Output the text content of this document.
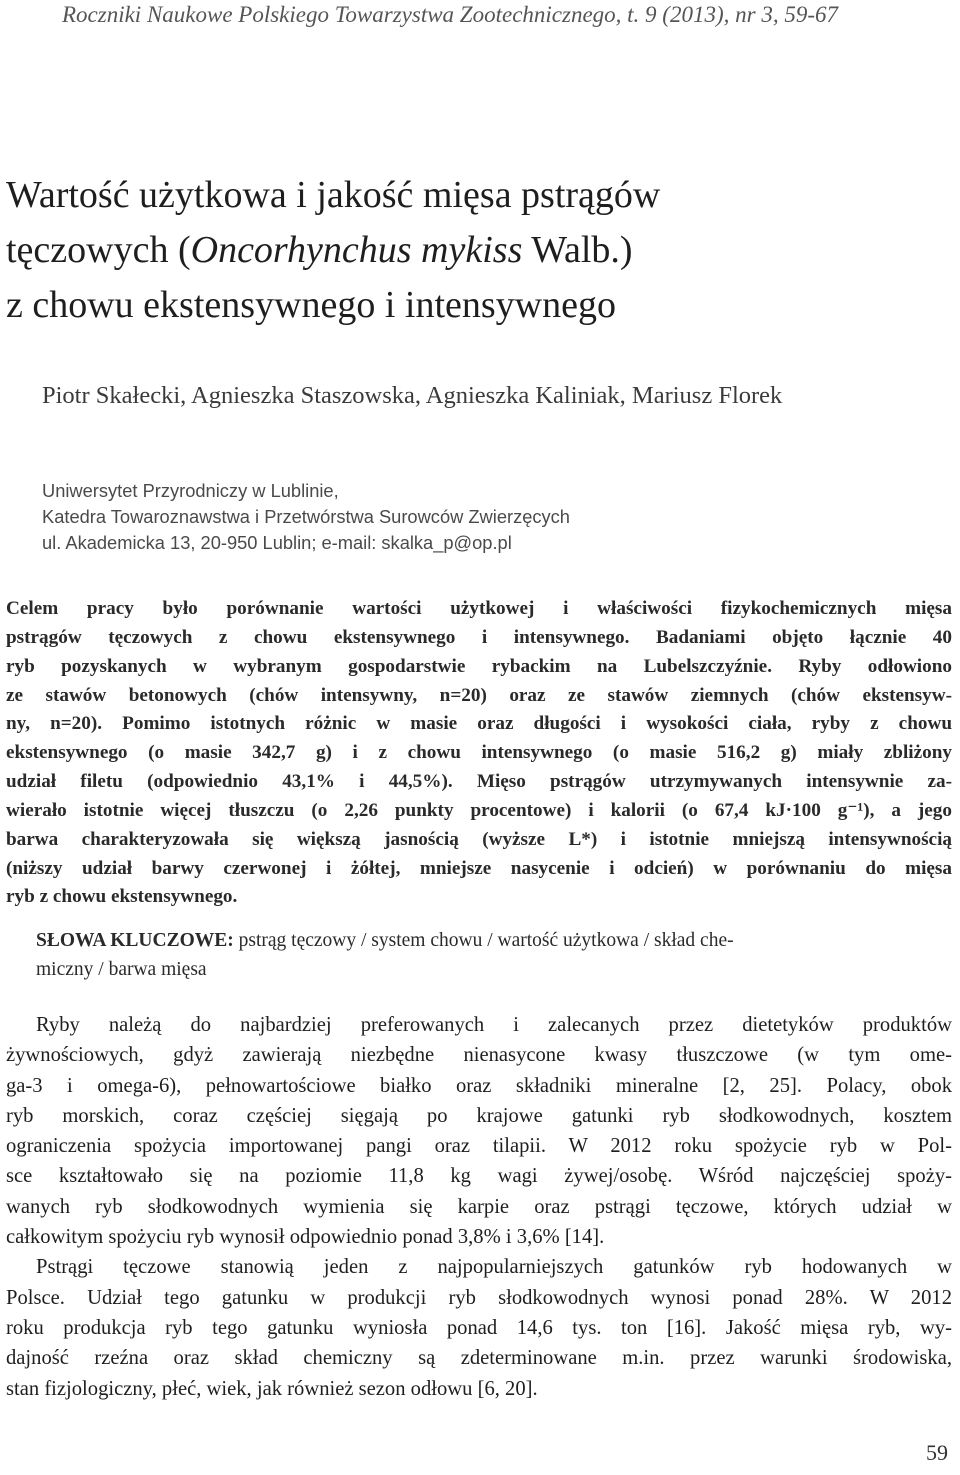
Roczniki Naukowe Polskiego Towarzystwa Zootechnicznego, t. 9 (2013), nr 3, 59-67
Wartość użytkowa i jakość mięsa pstrągów
tęczowych (Oncorhynchus mykiss Walb.)
z chowu ekstensywnego i intensywnego
Piotr Skałecki, Agnieszka Staszowska, Agnieszka Kaliniak, Mariusz Florek
Uniwersytet Przyrodniczy w Lublinie,
Katedra Towaroznawstwa i Przetwórstwa Surowców Zwierzęcych
ul. Akademicka 13, 20-950 Lublin; e-mail: skalka_p@op.pl
Celem pracy było porównanie wartości użytkowej i właściwości fizykochemicznych mięsa
pstrągów tęczowych z chowu ekstensywnego i intensywnego. Badaniami objęto łącznie 40
ryb pozyskanych w wybranym gospodarstwie rybackim na Lubelszczyźnie. Ryby odłowiono
ze stawów betonowych (chów intensywny, n=20) oraz ze stawów ziemnych (chów ekstensyw-
ny, n=20). Pomimo istotnych różnic w masie oraz długości i wysokości ciała, ryby z chowu
ekstensywnego (o masie 342,7 g) i z chowu intensywnego (o masie 516,2 g) miały zbliżony
udział filetu (odpowiednio 43,1% i 44,5%). Mięso pstrągów utrzymywanych intensywnie za-
wierało istotnie więcej tłuszczu (o 2,26 punkty procentowe) i kalorii (o 67,4 kJ·100 g⁻¹), a jego
barwa charakteryzowała się większą jasnością (wyższe L*) i istotnie mniejszą intensywnością
(niższy udział barwy czerwonej i żółtej, mniejsze nasycenie i odcień) w porównaniu do mięsa
ryb z chowu ekstensywnego.
SŁOWA KLUCZOWE: pstrąg tęczowy / system chowu / wartość użytkowa / skład che-
miczny / barwa mięsa
Ryby należą do najbardziej preferowanych i zalecanych przez dietetyków produktów
żywnościowych, gdyż zawierają niezbędne nienasycone kwasy tłuszczowe (w tym ome-
ga-3 i omega-6), pełnowartościowe białko oraz składniki mineralne [2, 25]. Polacy, obok
ryb morskich, coraz częściej sięgają po krajowe gatunki ryb słodkowodnych, kosztem
ograniczenia spożycia importowanej pangi oraz tilapii. W 2012 roku spożycie ryb w Pol-
sce kształtowało się na poziomie 11,8 kg wagi żywej/osobę. Wśród najczęściej spoży-
wanych ryb słodkowodnych wymienia się karpie oraz pstrągi tęczowe, których udział w
całkowitym spożyciu ryb wynosił odpowiednio ponad 3,8% i 3,6% [14].
Pstrągi tęczowe stanowią jeden z najpopularniejszych gatunków ryb hodowanych w
Polsce. Udział tego gatunku w produkcji ryb słodkowodnych wynosi ponad 28%. W 2012
roku produkcja ryb tego gatunku wyniosła ponad 14,6 tys. ton [16]. Jakość mięsa ryb, wy-
dajność rzeźna oraz skład chemiczny są zdeterminowane m.in. przez warunki środowiska,
stan fizjologiczny, płeć, wiek, jak również sezon odłowu [6, 20].
59
